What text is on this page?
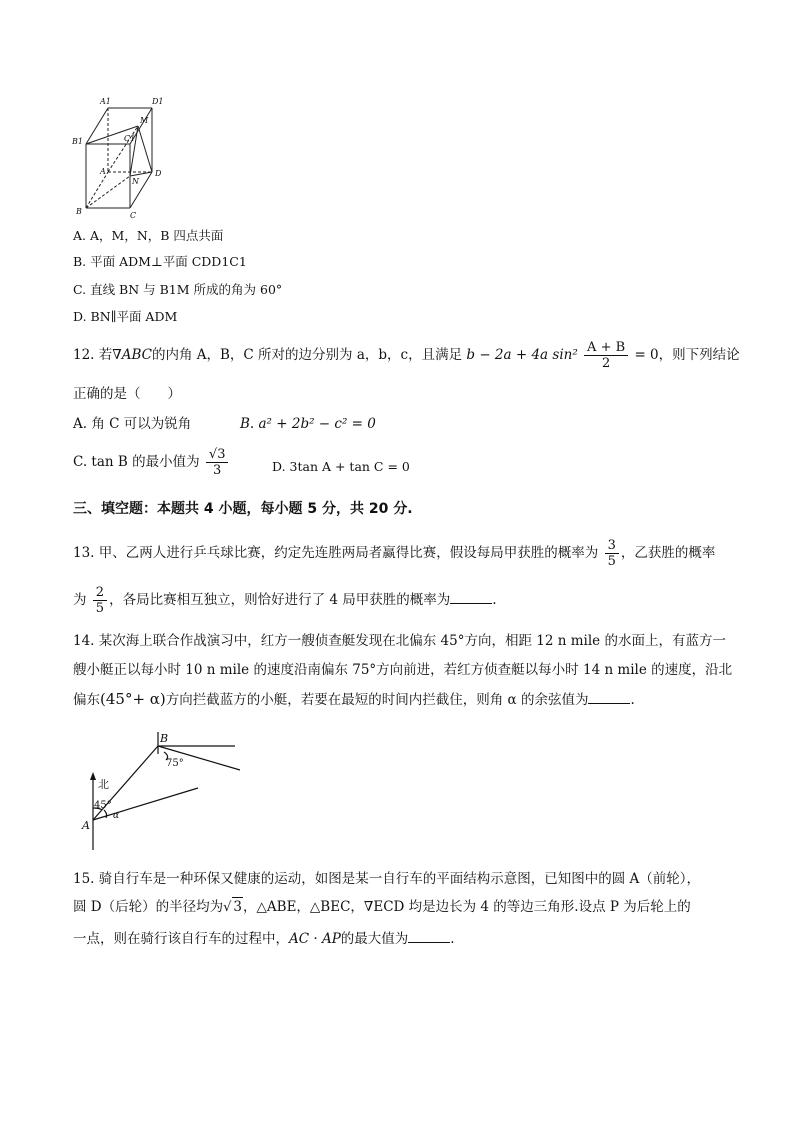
A1	D1
M
B1	C1
A
N
D
B	C
A. A，M，N，B 四点共面
B. 平面 ADM⊥平面 CDD1C1
C. 直线 BN 与 B1M 所成的角为 60°
D. BN∥平面 ADM
12. 若∇ABC的内角 A，B，C 所对的边分别为 a，b，c，且满足 b − 2a + 4a $\sin^2 \frac{A + B}{2} = 0$，则下列结论
正确的是（　　）
A. 角 C 可以为锐角	B. a² + 2b² − c² = 0
C. tan B 的最小值为 $\frac{√3}{3}$	D. 3tan A + tan C = 0
三、填空题：本题共 4 小题，每小题 5 分，共 20 分.
13. 甲、乙两人进行乒乓球比赛，约定先连胜两局者赢得比赛，假设每局甲获胜的概率为 $\frac{3}{5}$ ，乙获胜的概率
为 $\frac{2}{5}$ ，各局比赛相互独立，则恰好进行了 4 局甲获胜的概率为	.
14. 某次海上联合作战演习中，红方一艘侦查艇发现在北偏东 45°方向，相距 12 n mile 的水面上，有蓝方一
艘小艇正以每小时 10 n mile 的速度沿南偏东 75°方向前进，若红方侦查艇以每小时 14 n mile 的速度，沿北
偏东(45°+ α)方向拦截蓝方的小艇，若要在最短的时间内拦截住，则角 α 的余弦值为	.
B
75°
北
45°
α
A
15. 骑自行车是一种环保又健康的运动，如图是某一自行车的平面结构示意图，已知图中的圆 A（前轮），
圆 D（后轮）的半径均为√ 3，△ABE，△BEC，∇ECD 均是边长为 4 的等边三角形.设点 P 为后轮上的
一点，则在骑行该自行车的过程中，AC · AP的最大值为	.
